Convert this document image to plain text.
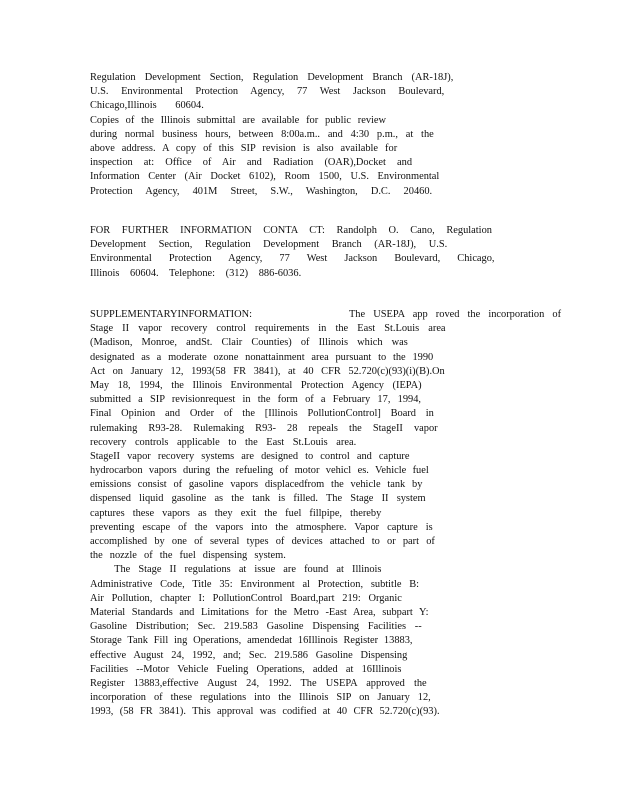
Regulation Development Section, Regulation Development Branch (AR-18J),
U.S. Environmental Protection Agency, 77 West Jackson Boulevard,
Chicago,Illinois 60604.
Copies of the Illinois submittal are available for public review
during normal business hours, between 8:00a.m.. and 4:30 p.m., at the
above address. A copy of this SIP revision is also available for
inspection at: Office of Air and Radiation (OAR),Docket and
Information Center (Air Docket 6102), Room 1500, U.S. Environmental
Protection Agency, 401M Street, S.W., Washington, D.C. 20460.
FOR FURTHER INFORMATION CONTA CT: Randolph O. Cano, Regulation
Development Section, Regulation Development Branch (AR-18J), U.S.
Environmental Protection Agency, 77 West Jackson Boulevard, Chicago,
Illinois 60604. Telephone: (312) 886-6036.
SUPPLEMENTARYINFORMATION:            The USEPA app roved the incorporation of
Stage II vapor recovery control requirements in the East St.Louis area
(Madison, Monroe, andSt. Clair Counties) of Illinois which was
designated as a moderate ozone nonattainment area pursuant to the 1990
Act on January 12, 1993(58 FR 3841), at 40 CFR 52.720(c)(93)(i)(B).On
May 18, 1994, the Illinois Environmental Protection Agency (IEPA)
submitted a SIP revisionrequest in the form of a February 17, 1994,
Final Opinion and Order of the [Illinois PollutionControl] Board in
rulemaking R93-28. Rulemaking R93- 28 repeals the StageII vapor
recovery controls applicable to the East St.Louis area.
StageII vapor recovery systems are designed to control and capture
hydrocarbon vapors during the refueling of motor vehicl es. Vehicle fuel
emissions consist of gasoline vapors displacedfrom the vehicle tank by
dispensed liquid gasoline as the tank is filled. The Stage II system
captures these vapors as they exit the fuel fillpipe, thereby
preventing escape of the vapors into the atmosphere. Vapor capture is
accomplished by one of several types of devices attached to or part of
the nozzle of the fuel dispensing system.
The Stage II regulations at issue are found at Illinois
Administrative Code, Title 35: Environment al Protection, subtitle B:
Air Pollution, chapter I: PollutionControl Board,part 219: Organic
Material Standards and Limitations for the Metro -East Area, subpart Y:
Gasoline Distribution; Sec. 219.583 Gasoline Dispensing Facilities --
Storage Tank Fill ing Operations, amendedat 16Illinois Register 13883,
effective August 24, 1992, and; Sec. 219.586 Gasoline Dispensing
Facilities --Motor Vehicle Fueling Operations, added at 16Illinois
Register 13883,effective August 24, 1992. The USEPA approved the
incorporation of these regulations into the Illinois SIP on January 12,
1993, (58 FR 3841). This approval was codified at 40 CFR 52.720(c)(93).
